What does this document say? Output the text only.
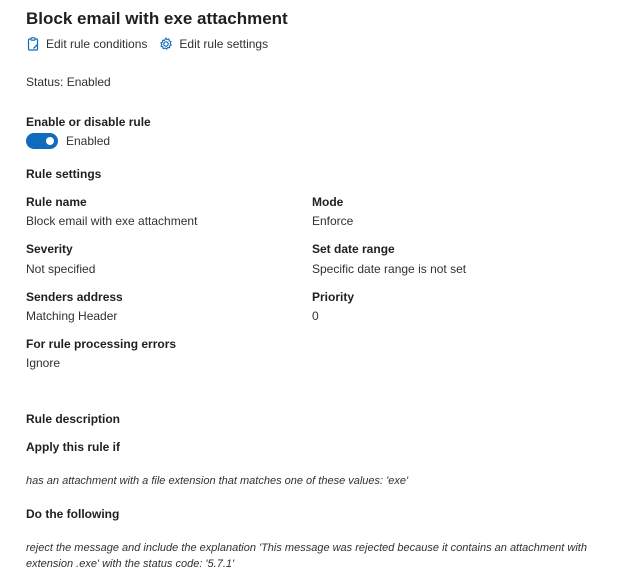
Block email with exe attachment
Edit rule conditions	Edit rule settings
Status: Enabled
Enable or disable rule
Enabled
Rule settings
Rule name
Block email with exe attachment
Severity
Not specified
Senders address
Matching Header
For rule processing errors
Ignore
Mode
Enforce
Set date range
Specific date range is not set
Priority
0
Rule description
Apply this rule if
has an attachment with a file extension that matches one of these values: 'exe'
Do the following
reject the message and include the explanation 'This message was rejected because it contains an attachment with
extension .exe' with the status code: '5.7.1'
